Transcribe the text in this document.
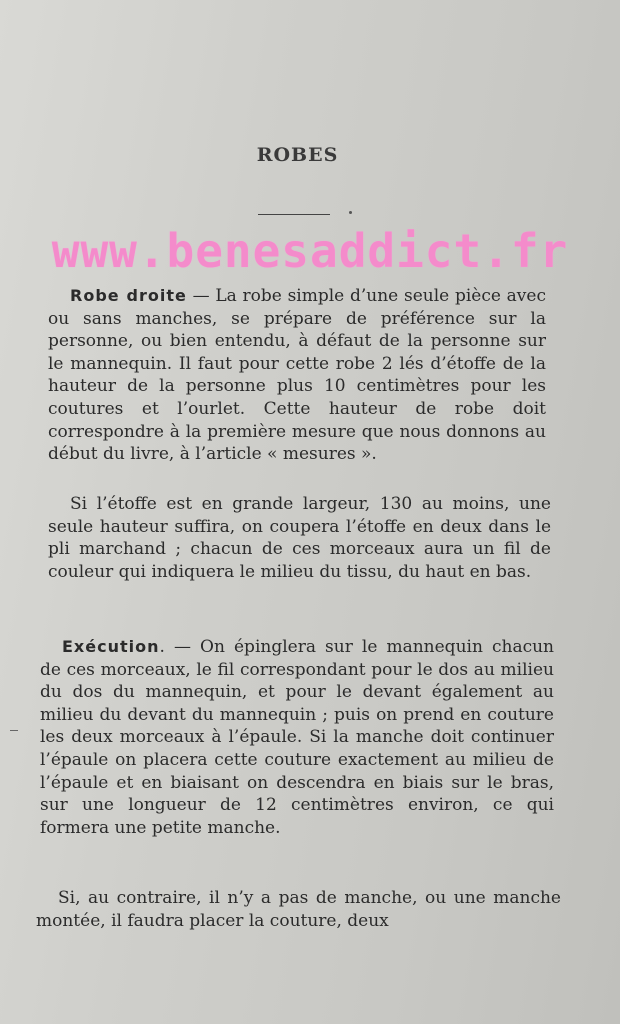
ROBES
www.benesaddict.fr
Robe droite — La robe simple d’une seule pièce avec ou sans manches, se prépare de préférence sur la personne, ou bien entendu, à défaut de la personne sur le mannequin. Il faut pour cette robe 2 lés d’étoffe de la hauteur de la personne plus 10 centimètres pour les coutures et l’ourlet. Cette hauteur de robe doit correspondre à la première mesure que nous donnons au début du livre, à l’article « mesures ».
Si l’étoffe est en grande largeur, 130 au moins, une seule hauteur suffira, on coupera l’étoffe en deux dans le pli marchand ; chacun de ces morceaux aura un fil de couleur qui indiquera le milieu du tissu, du haut en bas.
Exécution. — On épinglera sur le mannequin chacun de ces morceaux, le fil correspondant pour le dos au milieu du dos du mannequin, et pour le devant également au milieu du devant du mannequin ; puis on prend en couture les deux morceaux à l’épaule. Si la manche doit continuer l’épaule on placera cette couture exactement au milieu de l’épaule et en biaisant on descendra en biais sur le bras, sur une longueur de 12 centimètres environ, ce qui formera une petite manche.
Si, au contraire, il n’y a pas de manche, ou une manche montée, il faudra placer la couture, deux
